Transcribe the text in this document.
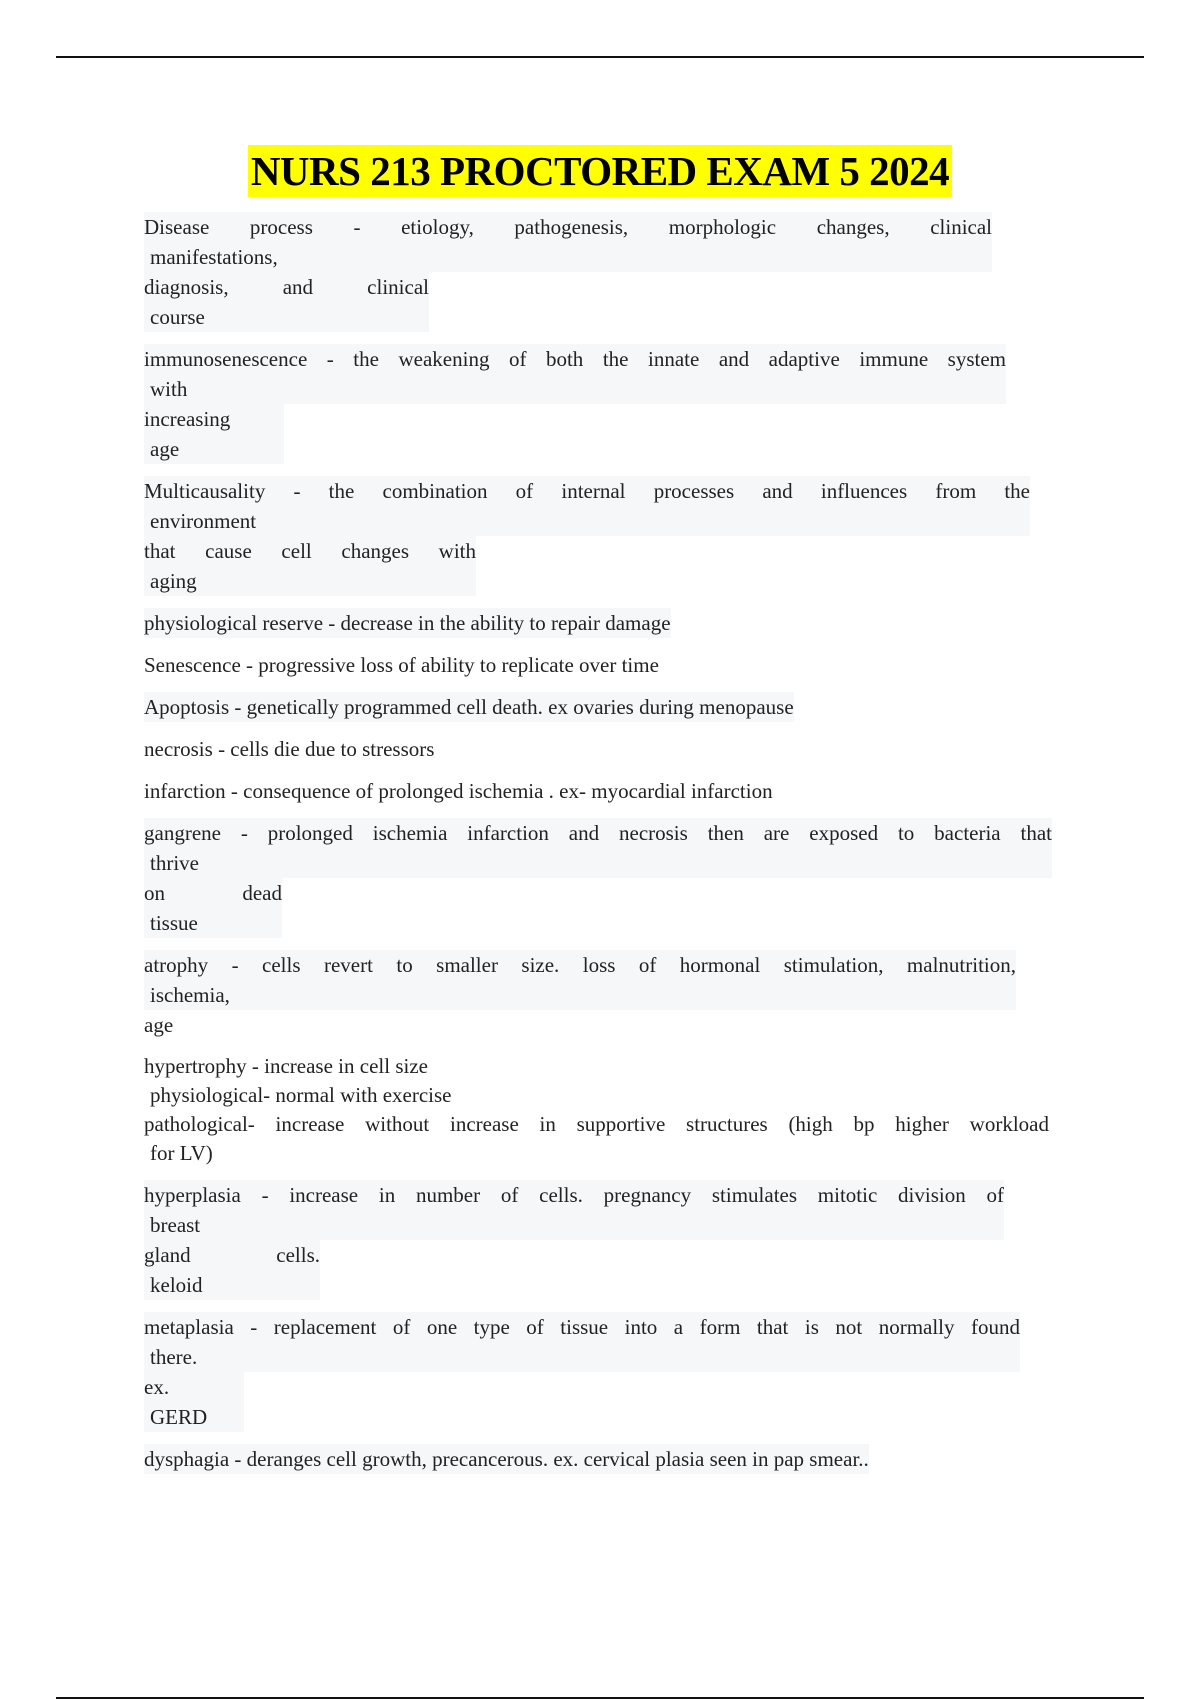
NURS 213 PROCTORED EXAM 5 2024
Disease process - etiology, pathogenesis, morphologic changes, clinical
manifestations,
diagnosis, and clinical
course
immunosenescence - the weakening of both the innate and adaptive immune system
with
increasing
age
Multicausality - the combination of internal processes and influences from the
environment
that cause cell changes with
aging
physiological reserve - decrease in the ability to repair damage
Senescence - progressive loss of ability to replicate over time
Apoptosis - genetically programmed cell death. ex ovaries during menopause
necrosis - cells die due to stressors
infarction - consequence of prolonged ischemia . ex- myocardial infarction
gangrene - prolonged ischemia infarction and necrosis then are exposed to bacteria that
thrive
on dead
tissue
atrophy - cells revert to smaller size. loss of hormonal stimulation, malnutrition,
ischemia,
age
hypertrophy - increase in cell size
physiological- normal with exercise
pathological- increase without increase in supportive structures (high bp higher workload
for LV)
hyperplasia - increase in number of cells. pregnancy stimulates mitotic division of
breast
gland cells.
keloid
metaplasia - replacement of one type of tissue into a form that is not normally found
there.
ex.
GERD
dysphagia - deranges cell growth, precancerous. ex. cervical plasia seen in pap smear..
